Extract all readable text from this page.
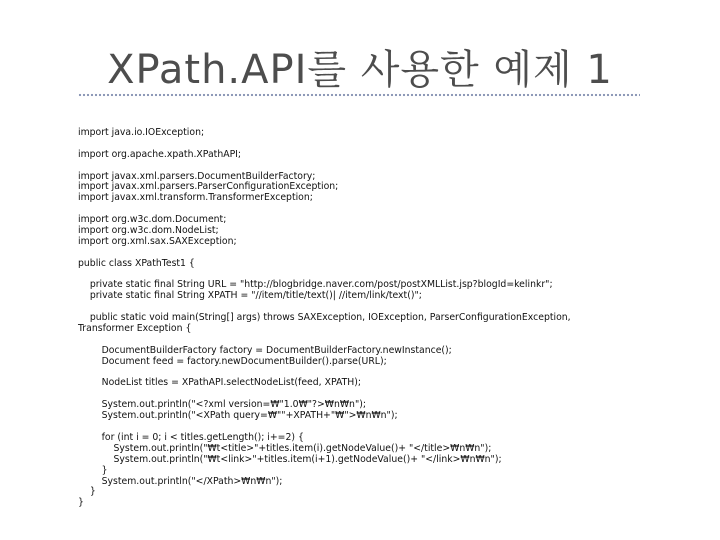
XPath.API를 사용한 예제 1
import java.io.IOException;
import org.apache.xpath.XPathAPI;
import javax.xml.parsers.DocumentBuilderFactory;
import javax.xml.parsers.ParserConfigurationException;
import javax.xml.transform.TransformerException;
import org.w3c.dom.Document;
import org.w3c.dom.NodeList;
import org.xml.sax.SAXException;
public class XPathTest1 {
private static final String URL = "http://blogbridge.naver.com/post/postXMLList.jsp?blogId=kelinkr";
private static final String XPATH = "//item/title/text()| //item/link/text()";
public static void main(String[] args) throws SAXException, IOException, ParserConfigurationException,
Transformer Exception {
DocumentBuilderFactory factory = DocumentBuilderFactory.newInstance();
Document feed = factory.newDocumentBuilder().parse(URL);
NodeList titles = XPathAPI.selectNodeList(feed, XPATH);
System.out.println("<?xml version=₩"1.0₩"?>₩n₩n");
System.out.println("<XPath query=₩""+XPATH+"₩">₩n₩n");
for (int i = 0; i < titles.getLength(); i+=2) {
System.out.println("₩t<title>"+titles.item(i).getNodeValue()+ "</title>₩n₩n");
System.out.println("₩t<link>"+titles.item(i+1).getNodeValue()+ "</link>₩n₩n");
}
System.out.println("</XPath>₩n₩n");
}
}
